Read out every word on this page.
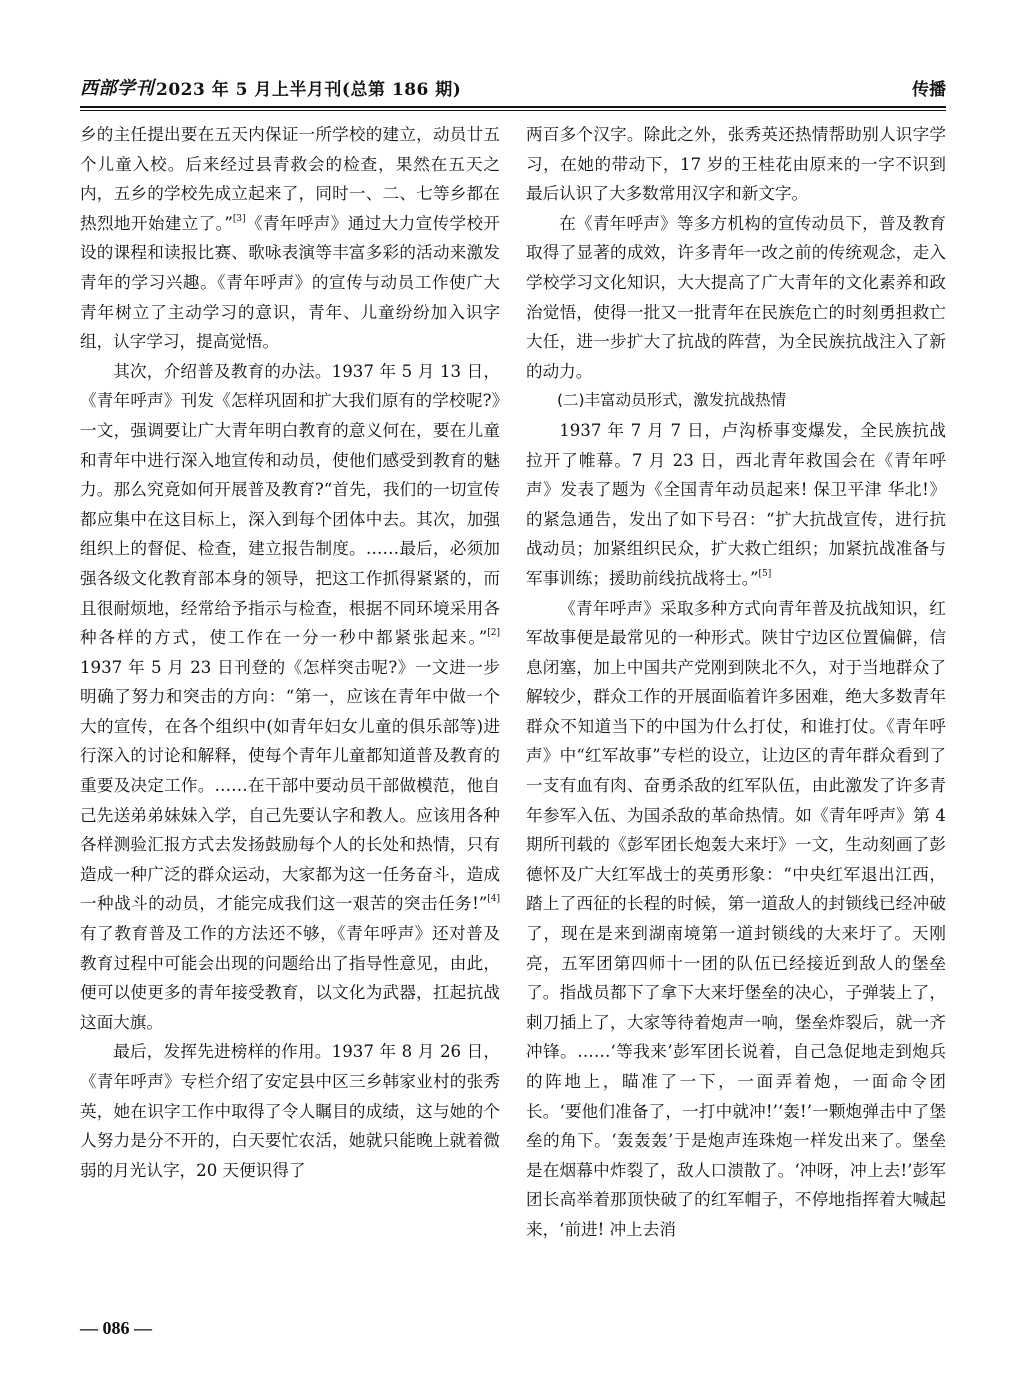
西部学刊 2023 年 5 月上半月刊(总第 186 期)	传播

乡的主任提出要在五天内保证一所学校的建立，动员廿五个儿童入校。后来经过县青救会的检查，果然在五天之内，五乡的学校先成立起来了，同时一、二、七等乡都在热烈地开始建立了。”[3]《青年呼声》通过大力宣传学校开设的课程和读报比赛、歌咏表演等丰富多彩的活动来激发青年的学习兴趣。《青年呼声》的宣传与动员工作使广大青年树立了主动学习的意识，青年、儿童纷纷加入识字组，认字学习，提高觉悟。

其次，介绍普及教育的办法。1937 年 5 月 13 日，《青年呼声》刊发《怎样巩固和扩大我们原有的学校呢?》一文，强调要让广大青年明白教育的意义何在，要在儿童和青年中进行深入地宣传和动员，使他们感受到教育的魅力。那么究竟如何开展普及教育?“首先，我们的一切宣传都应集中在这目标上，深入到每个团体中去。其次，加强组织上的督促、检查，建立报告制度。……最后，必须加强各级文化教育部本身的领导，把这工作抓得紧紧的，而且很耐烦地，经常给予指示与检查，根据不同环境采用各种各样的方式，使工作在一分一秒中都紧张起来。”[2] 1937 年 5 月 23 日刊登的《怎样突击呢?》一文进一步明确了努力和突击的方向：“第一，应该在青年中做一个大的宣传，在各个组织中(如青年妇女儿童的俱乐部等)进行深入的讨论和解释，使每个青年儿童都知道普及教育的重要及决定工作。……在干部中要动员干部做模范，他自己先送弟弟妹妹入学，自己先要认字和教人。应该用各种各样测验汇报方式去发扬鼓励每个人的长处和热情，只有造成一种广泛的群众运动，大家都为这一任务奋斗，造成一种战斗的动员，才能完成我们这一艰苦的突击任务!”[4]有了教育普及工作的方法还不够，《青年呼声》还对普及教育过程中可能会出现的问题给出了指导性意见，由此，便可以使更多的青年接受教育，以文化为武器，扛起抗战这面大旗。

最后，发挥先进榜样的作用。1937 年 8 月 26 日，《青年呼声》专栏介绍了安定县中区三乡韩家业村的张秀英，她在识字工作中取得了令人瞩目的成绩，这与她的个人努力是分不开的，白天要忙农活，她就只能晚上就着微弱的月光认字，20 天便识得了

两百多个汉字。除此之外，张秀英还热情帮助别人识字学习，在她的带动下，17 岁的王桂花由原来的一字不识到最后认识了大多数常用汉字和新文字。

在《青年呼声》等多方机构的宣传动员下，普及教育取得了显著的成效，许多青年一改之前的传统观念，走入学校学习文化知识，大大提高了广大青年的文化素养和政治觉悟，使得一批又一批青年在民族危亡的时刻勇担救亡大任，进一步扩大了抗战的阵营，为全民族抗战注入了新的动力。

(二)丰富动员形式，激发抗战热情

1937 年 7 月 7 日，卢沟桥事变爆发，全民族抗战拉开了帷幕。7 月 23 日，西北青年救国会在《青年呼声》发表了题为《全国青年动员起来! 保卫平津 华北!》的紧急通告，发出了如下号召：“扩大抗战宣传，进行抗战动员；加紧组织民众，扩大救亡组织；加紧抗战准备与军事训练；援助前线抗战将士。”[5]

《青年呼声》采取多种方式向青年普及抗战知识，红军故事便是最常见的一种形式。陕甘宁边区位置偏僻，信息闭塞，加上中国共产党刚到陕北不久，对于当地群众了解较少，群众工作的开展面临着许多困难，绝大多数青年群众不知道当下的中国为什么打仗，和谁打仗。《青年呼声》中“红军故事”专栏的设立，让边区的青年群众看到了一支有血有肉、奋勇杀敌的红军队伍，由此激发了许多青年参军入伍、为国杀敌的革命热情。如《青年呼声》第 4 期所刊载的《彭军团长炮轰大来圩》一文，生动刻画了彭德怀及广大红军战士的英勇形象：“中央红军退出江西，踏上了西征的长程的时候，第一道敌人的封锁线已经冲破了，现在是来到湖南境第一道封锁线的大来圩了。天刚亮，五军团第四师十一团的队伍已经接近到敌人的堡垒了。指战员都下了拿下大来圩堡垒的决心，子弹装上了，刺刀插上了，大家等待着炮声一响，堡垒炸裂后，就一齐冲锋。……‘等我来’彭军团长说着，自己急促地走到炮兵的阵地上，瞄准了一下，一面弄着炮，一面命令团长。‘要他们准备了，一打中就冲!’‘轰!’一颗炮弹击中了堡垒的角下。‘轰轰轰’于是炮声连珠炮一样发出来了。堡垒是在烟幕中炸裂了，敌人口溃散了。‘冲呀，冲上去!’彭军团长高举着那顶快破了的红军帽子，不停地指挥着大喊起来，‘前进! 冲上去消

— 086 —
